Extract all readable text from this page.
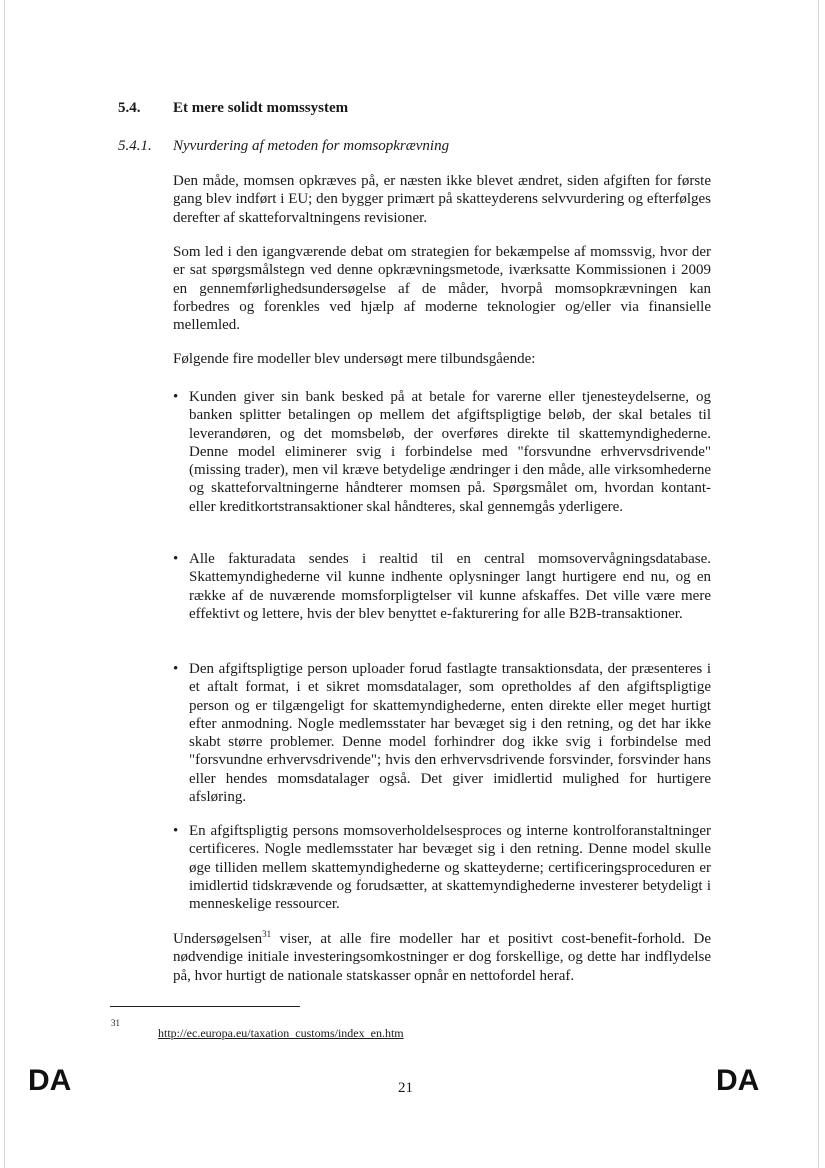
5.4. Et mere solidt momssystem
5.4.1. Nyvurdering af metoden for momsopkrævning
Den måde, momsen opkræves på, er næsten ikke blevet ændret, siden afgiften for første gang blev indført i EU; den bygger primært på skatteyderens selvvurdering og efterfølges derefter af skatteforvaltningens revisioner.
Som led i den igangværende debat om strategien for bekæmpelse af momssvig, hvor der er sat spørgsmålstegn ved denne opkrævningsmetode, iværksatte Kommissionen i 2009 en gennemførlighedsundersøgelse af de måder, hvorpå momsopkrævningen kan forbedres og forenkles ved hjælp af moderne teknologier og/eller via finansielle mellemled.
Følgende fire modeller blev undersøgt mere tilbundsgående:
• Kunden giver sin bank besked på at betale for varerne eller tjenesteydelserne, og banken splitter betalingen op mellem det afgiftspligtige beløb, der skal betales til leverandøren, og det momsbeløb, der overføres direkte til skattemyndighederne. Denne model eliminerer svig i forbindelse med "forsvundne erhvervsdrivende" (missing trader), men vil kræve betydelige ændringer i den måde, alle virksomhederne og skatteforvaltningerne håndterer momsen på. Spørgsmålet om, hvordan kontant- eller kreditkortstransaktioner skal håndteres, skal gennemgås yderligere.
• Alle fakturadata sendes i realtid til en central momsovervågningsdatabase. Skattemyndighederne vil kunne indhente oplysninger langt hurtigere end nu, og en række af de nuværende momsforpligtelser vil kunne afskaffes. Det ville være mere effektivt og lettere, hvis der blev benyttet e-fakturering for alle B2B-transaktioner.
• Den afgiftspligtige person uploader forud fastlagte transaktionsdata, der præsenteres i et aftalt format, i et sikret momsdatalager, som opretholdes af den afgiftspligtige person og er tilgængeligt for skattemyndighederne, enten direkte eller meget hurtigt efter anmodning. Nogle medlemsstater har bevæget sig i den retning, og det har ikke skabt større problemer. Denne model forhindrer dog ikke svig i forbindelse med "forsvundne erhvervsdrivende"; hvis den erhvervsdrivende forsvinder, forsvinder hans eller hendes momsdatalager også. Det giver imidlertid mulighed for hurtigere afsløring.
• En afgiftspligtig persons momsoverholdelsesproces og interne kontrolforanstaltninger certificeres. Nogle medlemsstater har bevæget sig i den retning. Denne model skulle øge tilliden mellem skattemyndighederne og skatteyderne; certificeringsproceduren er imidlertid tidskrævende og forudsætter, at skattemyndighederne investerer betydeligt i menneskelige ressourcer.
Undersøgelsen$^{31}$ viser, at alle fire modeller har et positivt cost-benefit-forhold. De nødvendige initiale investeringsomkostninger er dog forskellige, og dette har indflydelse på, hvor hurtigt de nationale statskasser opnår en nettofordel heraf.
31
http://ec.europa.eu/taxation_customs/index_en.htm
DA	21	DA
